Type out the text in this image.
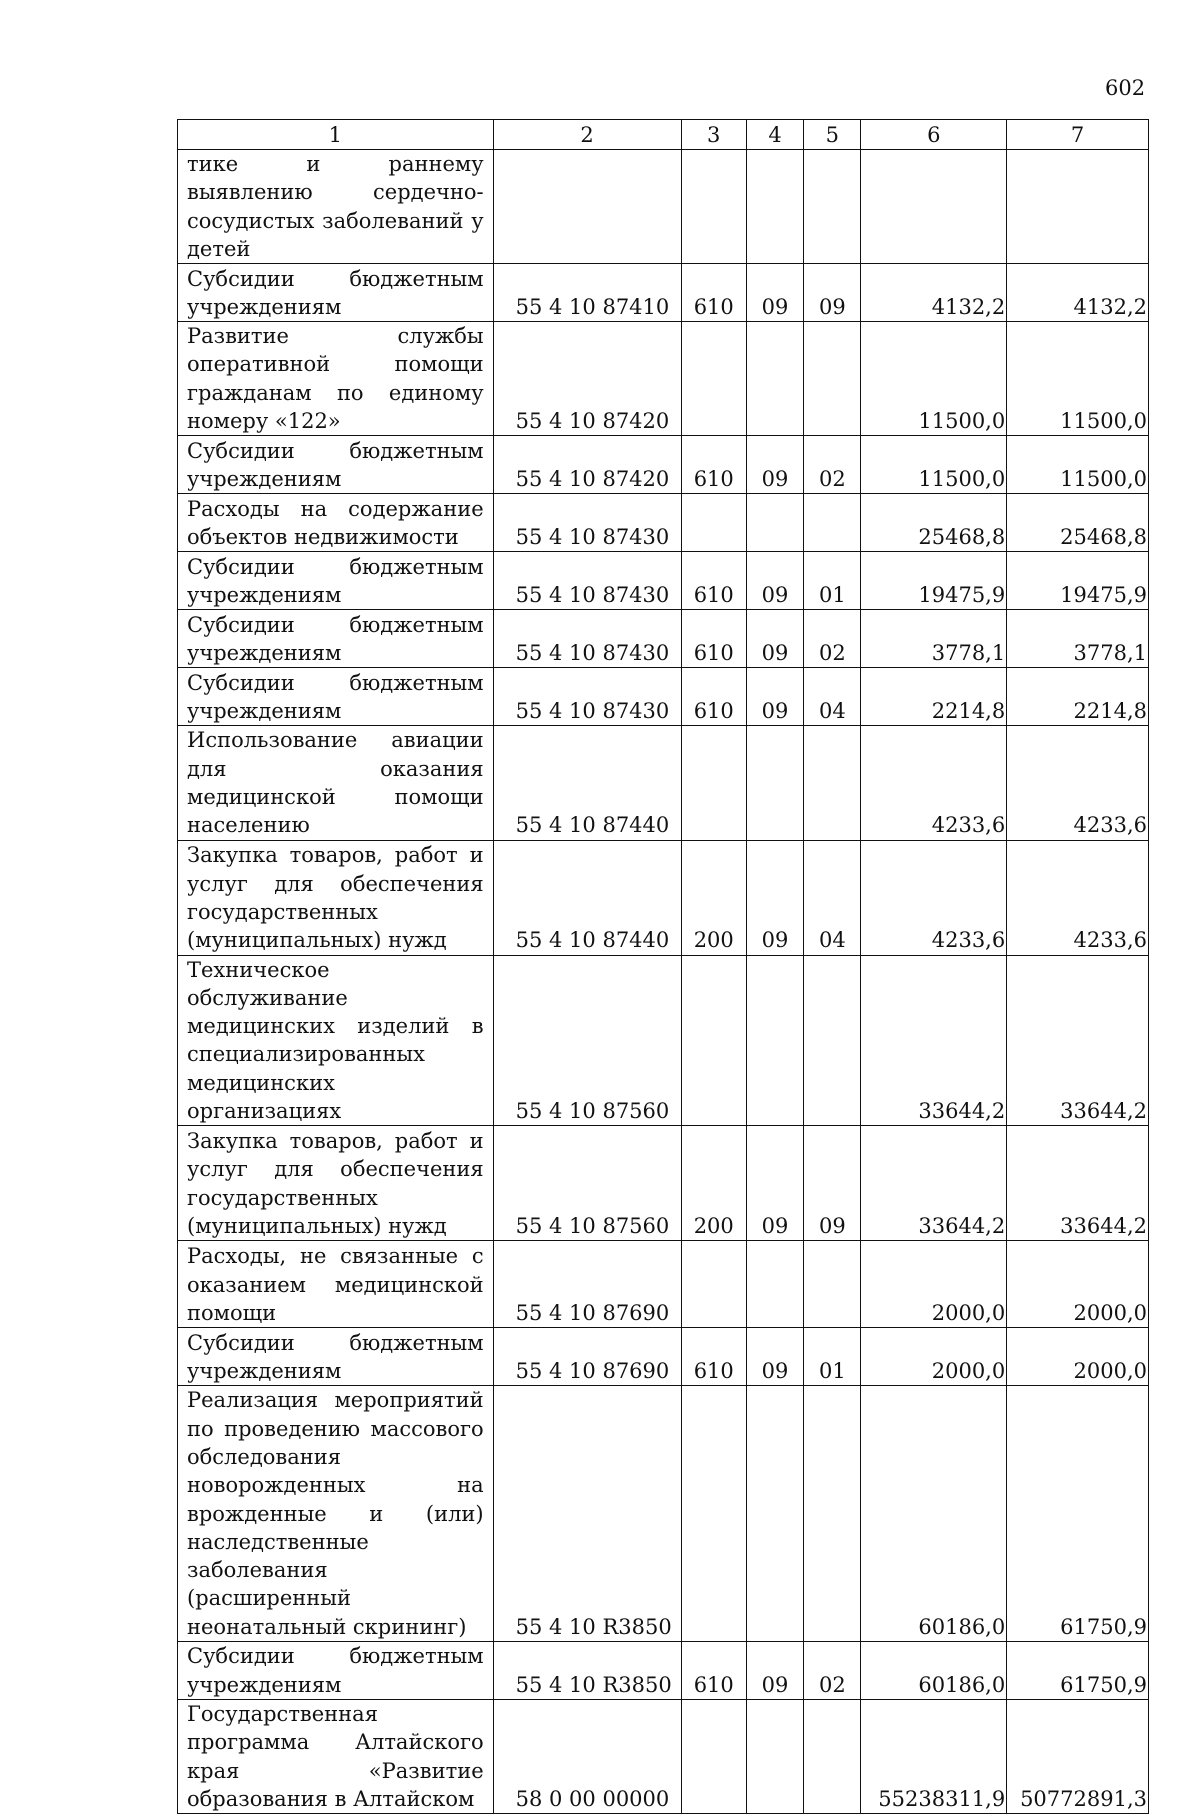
602
1	2	3	4	5	6	7
тике и раннему выявлению сердечно-сосудистых заболеваний у детей						
Субсидии бюджетным учреждениям	55 4 10 87410	610	09	09	4132,2	4132,2
Развитие службы оперативной помощи гражданам по единому номеру «122»	55 4 10 87420				11500,0	11500,0
Субсидии бюджетным учреждениям	55 4 10 87420	610	09	02	11500,0	11500,0
Расходы на содержание объектов недвижимости	55 4 10 87430				25468,8	25468,8
Субсидии бюджетным учреждениям	55 4 10 87430	610	09	01	19475,9	19475,9
Субсидии бюджетным учреждениям	55 4 10 87430	610	09	02	3778,1	3778,1
Субсидии бюджетным учреждениям	55 4 10 87430	610	09	04	2214,8	2214,8
Использование авиации для оказания медицинской помощи населению	55 4 10 87440				4233,6	4233,6
Закупка товаров, работ и услуг для обеспечения государственных (муниципальных) нужд	55 4 10 87440	200	09	04	4233,6	4233,6
Техническое обслуживание медицинских изделий в специализированных медицинских организациях	55 4 10 87560				33644,2	33644,2
Закупка товаров, работ и услуг для обеспечения государственных (муниципальных) нужд	55 4 10 87560	200	09	09	33644,2	33644,2
Расходы, не связанные с оказанием медицинской помощи	55 4 10 87690				2000,0	2000,0
Субсидии бюджетным учреждениям	55 4 10 87690	610	09	01	2000,0	2000,0
Реализация мероприятий по проведению массового обследования новорожденных на врожденные и (или) наследственные заболевания (расширенный неонатальный скрининг)	55 4 10 R3850				60186,0	61750,9
Субсидии бюджетным учреждениям	55 4 10 R3850	610	09	02	60186,0	61750,9
Государственная программа Алтайского края «Развитие образования в Алтайском	58 0 00 00000				55238311,9	50772891,3
